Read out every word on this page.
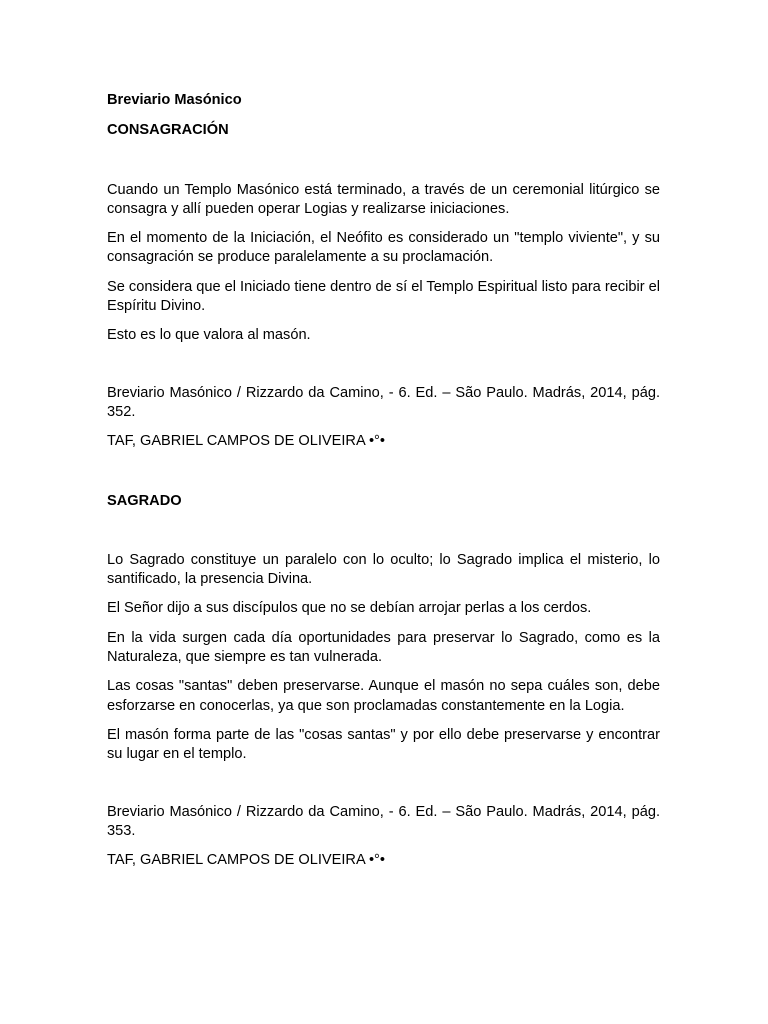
Breviario Masónico

CONSAGRACIÓN

Cuando un Templo Masónico está terminado, a través de un ceremonial litúrgico se consagra y allí pueden operar Logias y realizarse iniciaciones.

En el momento de la Iniciación, el Neófito es considerado un "templo viviente", y su consagración se produce paralelamente a su proclamación.

Se considera que el Iniciado tiene dentro de sí el Templo Espiritual listo para recibir el Espíritu Divino.

Esto es lo que valora al masón.

Breviario Masónico / Rizzardo da Camino, - 6. Ed. – São Paulo. Madrás, 2014, pág. 352.

TAF, GABRIEL CAMPOS DE OLIVEIRA •°•

SAGRADO

Lo Sagrado constituye un paralelo con lo oculto; lo Sagrado implica el misterio, lo santificado, la presencia Divina.

El Señor dijo a sus discípulos que no se debían arrojar perlas a los cerdos.

En la vida surgen cada día oportunidades para preservar lo Sagrado, como es la Naturaleza, que siempre es tan vulnerada.

Las cosas "santas" deben preservarse. Aunque el masón no sepa cuáles son, debe esforzarse en conocerlas, ya que son proclamadas constantemente en la Logia.

El masón forma parte de las "cosas santas" y por ello debe preservarse y encontrar su lugar en el templo.

Breviario Masónico / Rizzardo da Camino, - 6. Ed. – São Paulo. Madrás, 2014, pág. 353.

TAF, GABRIEL CAMPOS DE OLIVEIRA •°•
